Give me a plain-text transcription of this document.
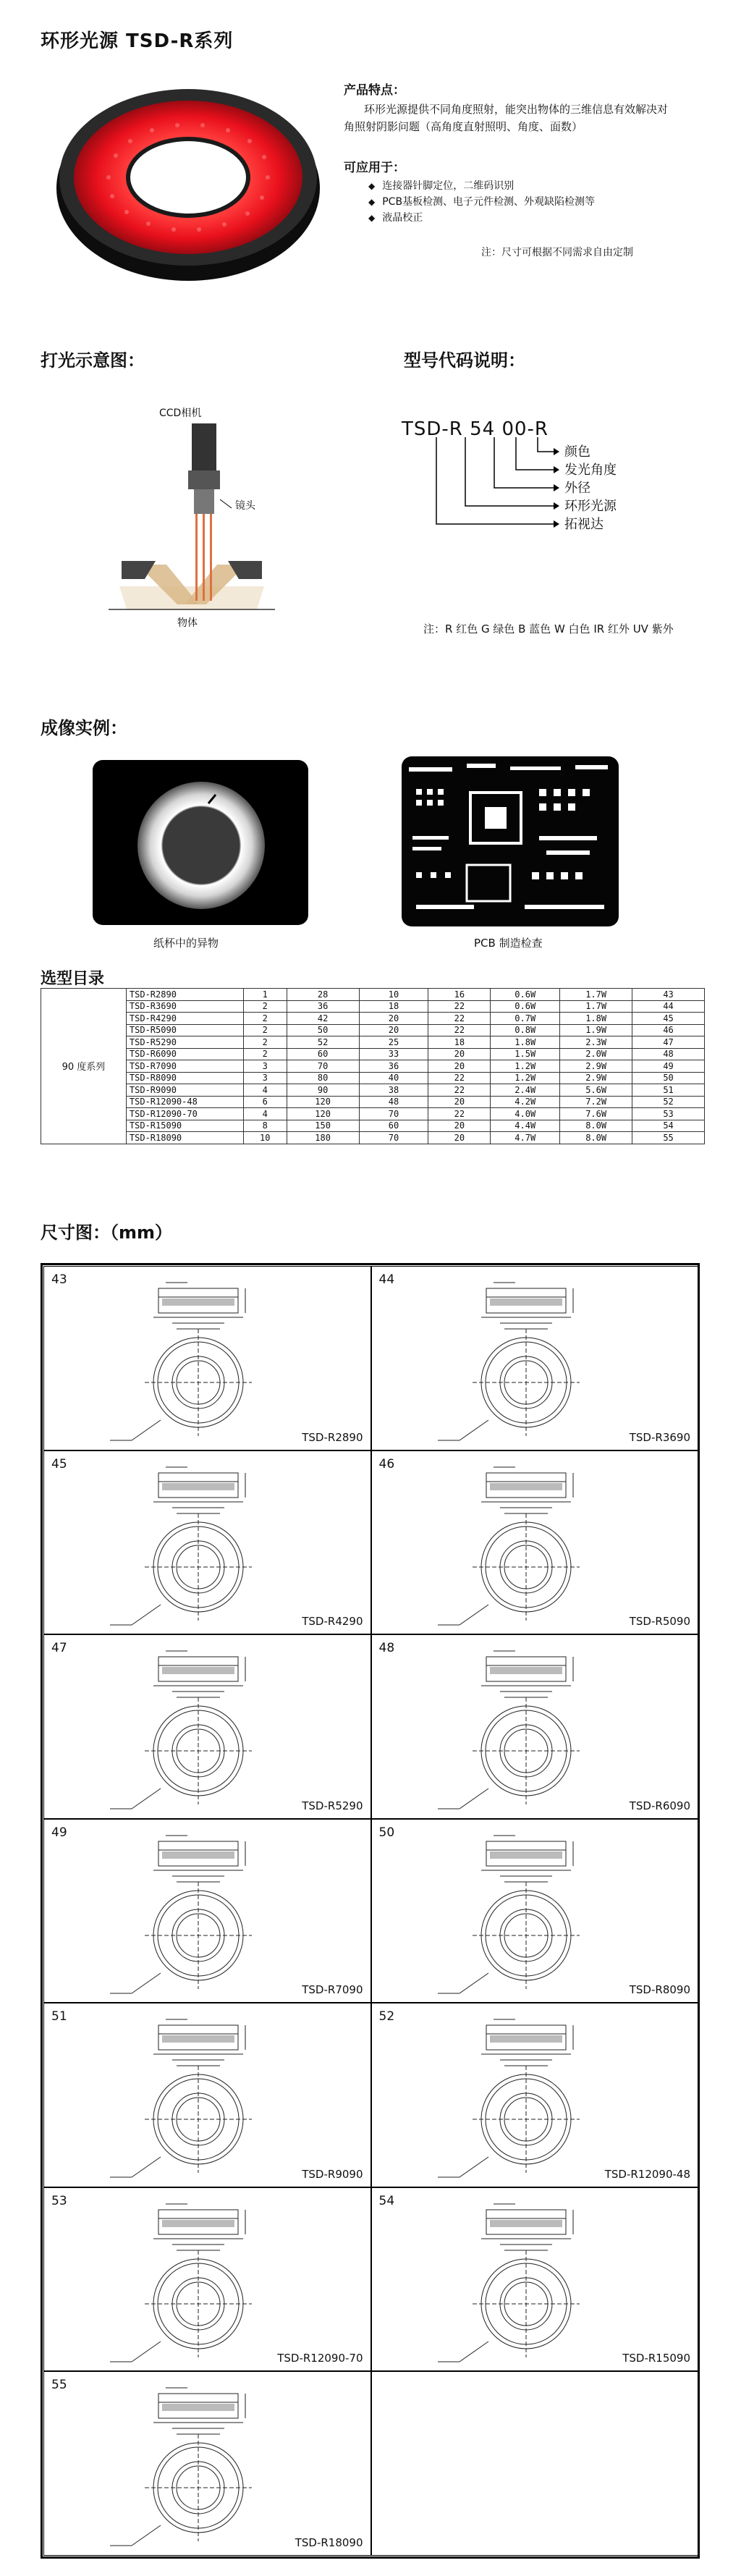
环形光源 TSD-R系列
产品特点：
环形光源提供不同角度照射，能突出物体的三维信息有效解决对
角照射阴影问题（高角度直射照明、角度、面数）
可应用于：
◆ 连接器针脚定位，二维码识别
◆ PCB基板检测、电子元件检测、外观缺陷检测等
◆ 液晶校正
注：尺寸可根据不同需求自由定制
打光示意图：
CCD相机
镜头
物体
型号代码说明：
TSD-R 54 00-R
颜色
发光角度
外径
环形光源
拓视达
注：R 红色 G 绿色 B 蓝色 W 白色 IR 红外 UV 紫外
成像实例：
纸杯中的异物	PCB 制造检查
选型目录
90 度系列	TSD-R2890	1	28	10	16	0.6W	1.7W	43
	TSD-R3690	2	36	18	22	0.6W	1.7W	44
	TSD-R4290	2	42	20	22	0.7W	1.8W	45
	TSD-R5090	2	50	20	22	0.8W	1.9W	46
	TSD-R5290	2	52	25	18	1.8W	2.3W	47
	TSD-R6090	2	60	33	20	1.5W	2.0W	48
	TSD-R7090	3	70	36	20	1.2W	2.9W	49
	TSD-R8090	3	80	40	22	1.2W	2.9W	50
	TSD-R9090	4	90	38	22	2.4W	5.6W	51
	TSD-R12090-48	6	120	48	20	4.2W	7.2W	52
	TSD-R12090-70	4	120	70	22	4.0W	7.6W	53
	TSD-R15090	8	150	60	20	4.4W	8.0W	54
	TSD-R18090	10	180	70	20	4.7W	8.0W	55
尺寸图：（mm）
43
TSD-R2890
44
TSD-R3690
45
TSD-R4290
46
TSD-R5090
47
TSD-R5290
48
TSD-R6090
49
TSD-R7090
50
TSD-R8090
51
TSD-R9090
52
TSD-R12090-48
53
TSD-R12090-70
54
TSD-R15090
55
TSD-R18090
